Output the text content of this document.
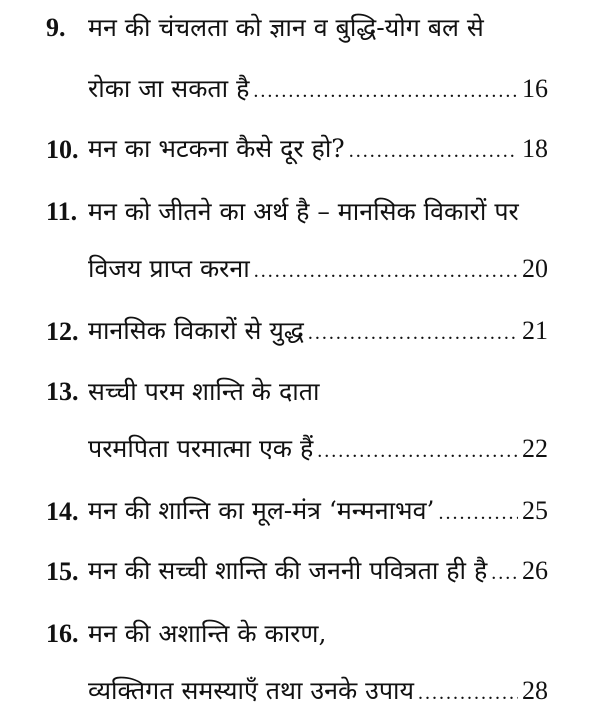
9. मन की चंचलता को ज्ञान व बुद्धि-योग बल से
रोका जा सकता है .....	16
10. मन का भटकना कैसे दूर हो? .....	18
11. मन को जीतने का अर्थ है – मानसिक विकारों पर
विजय प्राप्त करना .....	20
12. मानसिक विकारों से युद्ध .....	21
13. सच्ची परम शान्ति के दाता
परमपिता परमात्मा एक हैं .....	22
14. मन की शान्ति का मूल-मंत्र ‘मन्मनाभव’ .....	25
15. मन की सच्ची शान्ति की जननी पवित्रता ही है ..... 26
16. मन की अशान्ति के कारण,
व्यक्तिगत समस्याएँ तथा उनके उपाय .....	28
